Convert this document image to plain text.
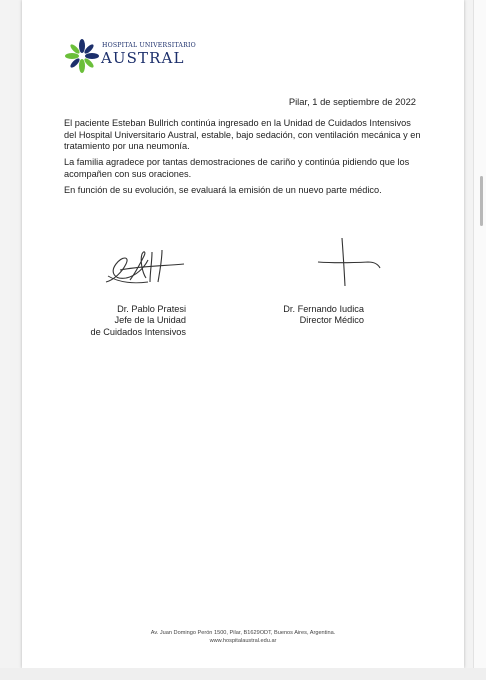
HOSPITAL UNIVERSITARIO
AUSTRAL
Pilar, 1 de septiembre de 2022

El paciente Esteban Bullrich continúa ingresado en la Unidad de Cuidados Intensivos del Hospital Universitario Austral, estable, bajo sedación, con ventilación mecánica y en tratamiento por una neumonía.

La familia agradece por tantas demostraciones de cariño y continúa pidiendo que los acompañen con sus oraciones.

En función de su evolución, se evaluará la emisión de un nuevo parte médico.

Dr. Pablo Pratesi
Jefe de la Unidad
de Cuidados Intensivos
Dr. Fernando Iudica
Director Médico
Av. Juan Domingo Perón 1500, Pilar, B1629ODT, Buenos Aires, Argentina.
www.hospitalaustral.edu.ar
